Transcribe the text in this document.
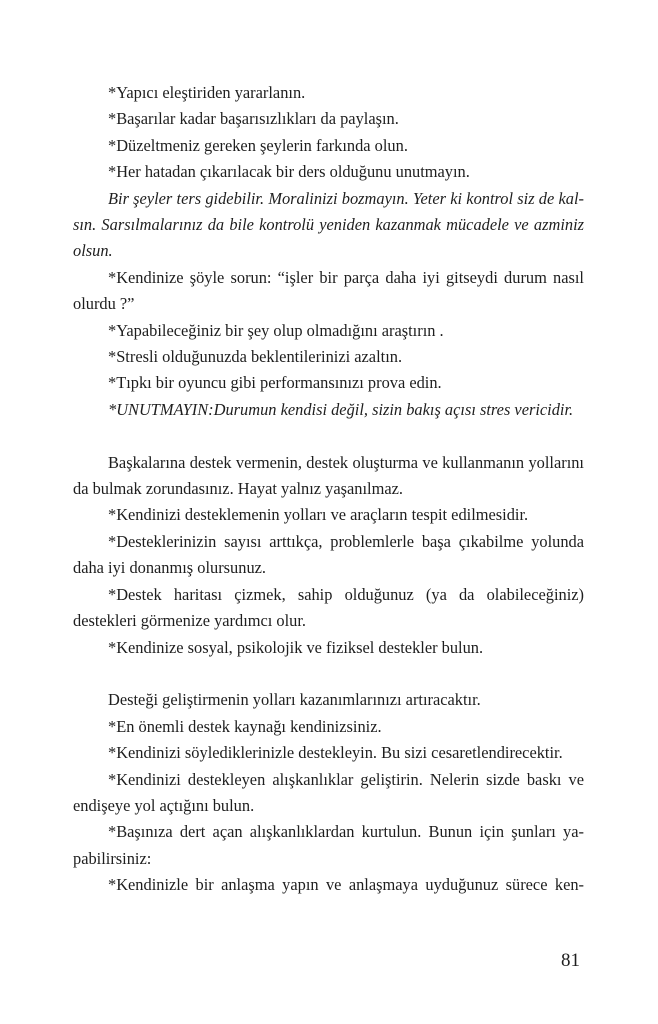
*Yapıcı eleştiriden yararlanın.

*Başarılar kadar başarısızlıkları da paylaşın.

*Düzeltmeniz gereken şeylerin farkında olun.

*Her hatadan çıkarılacak bir ders olduğunu unutmayın.

Bir şeyler ters gidebilir. Moralinizi bozmayın. Yeter ki kontrol siz de kalsın. Sarsılmalarınız da bile kontrolü yeniden kazanmak mücadele ve azminiz olsun.

*Kendinize şöyle sorun: “işler bir parça daha iyi gitseydi durum nasıl olurdu ?”

*Yapabileceğiniz bir şey olup olmadığını araştırın .

*Stresli olduğunuzda beklentilerinizi azaltın.

*Tıpkı bir oyuncu gibi performansınızı prova edin.

*UNUTMAYIN:Durumun kendisi değil, sizin bakış açısı stres vericidir.

Başkalarına destek vermenin, destek oluşturma ve kullanmanın yollarını da bulmak zorundasınız. Hayat yalnız yaşanılmaz.

*Kendinizi desteklemenin yolları ve araçların tespit edilmesidir.

*Desteklerinizin sayısı arttıkça, problemlerle başa çıkabilme yolunda daha iyi donanmış olursunuz.

*Destek haritası çizmek, sahip olduğunuz (ya da olabileceğiniz) destekleri görmenize yardımcı olur.

*Kendinize sosyal, psikolojik ve fiziksel destekler bulun.

Desteği geliştirmenin yolları kazanımlarınızı artıracaktır.

*En önemli destek kaynağı kendinizsiniz.

*Kendinizi söylediklerinizle destekleyin. Bu sizi cesaretlendirecektir.

*Kendinizi destekleyen alışkanlıklar geliştirin. Nelerin sizde baskı ve endişeye yol açtığını bulun.

*Başınıza dert açan alışkanlıklardan kurtulun. Bunun için şunları yapabilirsiniz:

*Kendinizle bir anlaşma yapın ve anlaşmaya uyduğunuz sürece ken-

81
